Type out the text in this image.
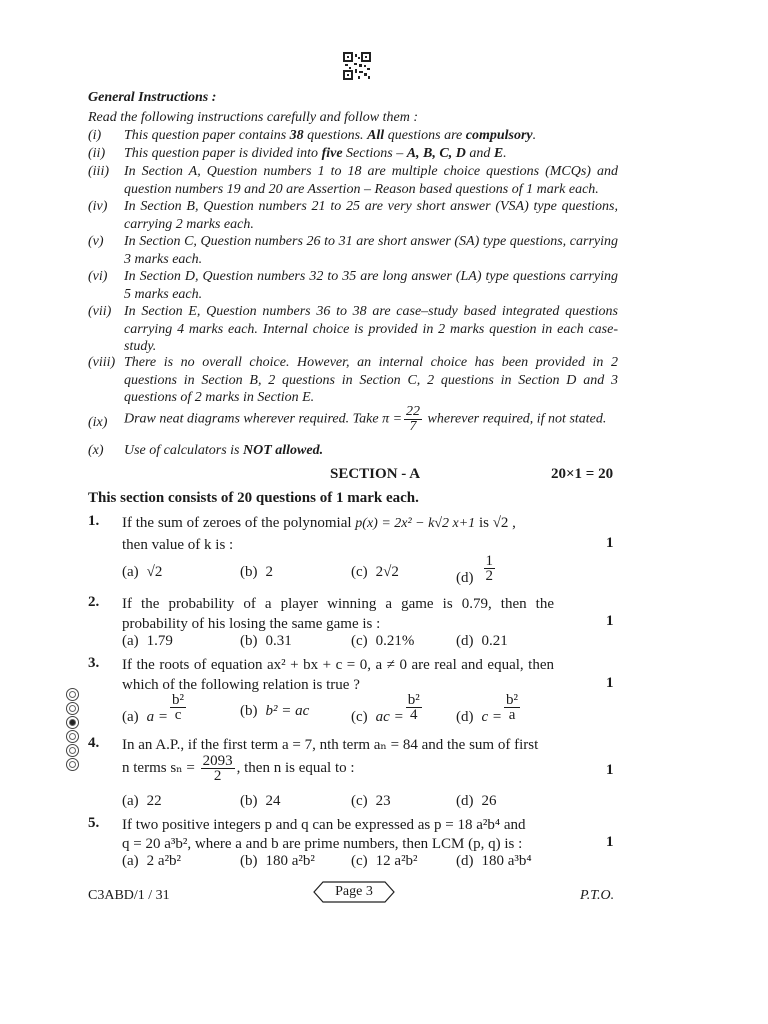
General Instructions :
Read the following instructions carefully and follow them :
(i) This question paper contains 38 questions. All questions are compulsory.
(ii) This question paper is divided into five Sections – A, B, C, D and E.
(iii) In Section A, Question numbers 1 to 18 are multiple choice questions (MCQs) and question numbers 19 and 20 are Assertion – Reason based questions of 1 mark each.
(iv) In Section B, Question numbers 21 to 25 are very short answer (VSA) type questions, carrying 2 marks each.
(v) In Section C, Question numbers 26 to 31 are short answer (SA) type questions, carrying 3 marks each.
(vi) In Section D, Question numbers 32 to 35 are long answer (LA) type questions carrying 5 marks each.
(vii) In Section E, Question numbers 36 to 38 are case–study based integrated questions carrying 4 marks each. Internal choice is provided in 2 marks question in each case-study.
(viii) There is no overall choice. However, an internal choice has been provided in 2 questions in Section B, 2 questions in Section C, 2 questions in Section D and 3 questions of 2 marks in Section E.
(ix) Draw neat diagrams wherever required. Take $\pi = \frac{22}{7}$ wherever required, if not stated.
(x) Use of calculators is NOT allowed.
SECTION - A	20×1 = 20
This section consists of 20 questions of 1 mark each.
1. If the sum of zeroes of the polynomial p(x) = 2x² − k√2 x+1 is √2 ,
then value of k is :	1
(a) √2	(b) 2	(c) 2√2	$(d) \frac{1}{2}$
2. If the probability of a player winning a game is 0.79, then the probability of his losing the same game is :	1
(a) 1.79	(b) 0.31	(c) 0.21%	(d) 0.21
3. If the roots of equation ax² + bx + c = 0, a ≠ 0 are real and equal, then which of the following relation is true ?	1
(a) $a = \frac{\text{b²}}{c}$	(b) b² = ac	(c) ac = $\frac{\text{b²}}{4} (d) c = \frac{\text{b²}}{a}$
4. In an A.P., if the first term a = 7, nth term aₙ = 84 and the sum of first
n terms $s_n = \frac{2093}{2}$ , then n is equal to :	1
(a) 22	(b) 24	(c) 23	(d) 26
5. If two positive integers p and q can be expressed as p = 18 a²b⁴ and
q = 20 a³b², where a and b are prime numbers, then LCM (p, q) is :	1
(a) 2 a²b²	(b) 180 a²b² (c) 12 a²b²	(d) 180 a³b⁴
C3ABD/1 / 31	Page 3	P.T.O.
